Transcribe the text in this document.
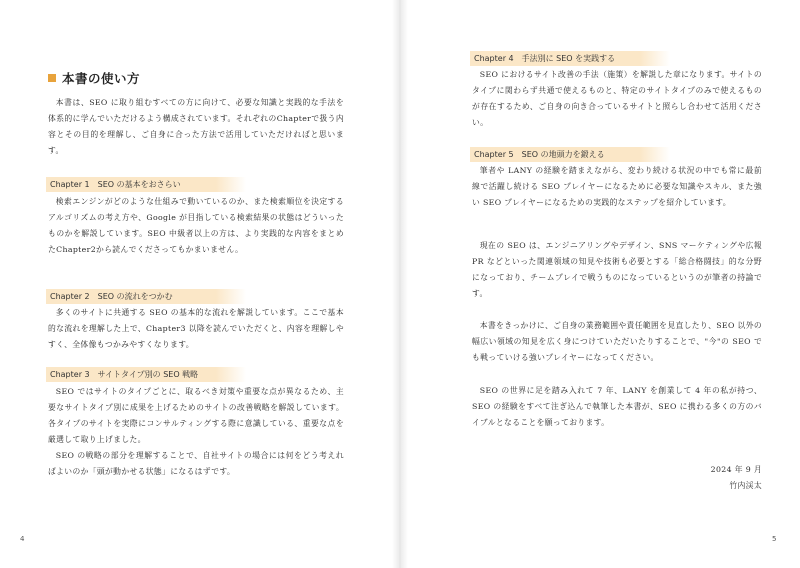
本書の使い方

本書は、SEO に取り組むすべての方に向けて、必要な知識と実践的な手法を体系的に学んでいただけるよう構成されています。それぞれのChapterで扱う内容とその目的を理解し、ご自身に合った方法で活用していただければと思います。

Chapter 1　SEO の基本をおさらい

検索エンジンがどのような仕組みで動いているのか、また検索順位を決定するアルゴリズムの考え方や、Google が目指している検索結果の状態はどういったものかを解説しています。SEO 中級者以上の方は、より実践的な内容をまとめたChapter2から読んでくださってもかまいません。

Chapter 2　SEO の流れをつかむ

多くのサイトに共通する SEO の基本的な流れを解説しています。ここで基本的な流れを理解した上で、Chapter3 以降を読んでいただくと、内容を理解しやすく、全体像もつかみやすくなります。

Chapter 3　サイトタイプ別の SEO 戦略

SEO ではサイトのタイプごとに、取るべき対策や重要な点が異なるため、主要なサイトタイプ別に成果を上げるためのサイトの改善戦略を解説しています。各タイプのサイトを実際にコンサルティングする際に意識している、重要な点を厳選して取り上げました。

SEO の戦略の部分を理解することで、自社サイトの場合には何をどう考えればよいのか「頭が動かせる状態」になるはずです。

4
Chapter 4　手法別に SEO を実践する

SEO におけるサイト改善の手法（施策）を解説した章になります。サイトのタイプに関わらず共通で使えるものと、特定のサイトタイプのみで使えるものが存在するため、ご自身の向き合っているサイトと照らし合わせて活用ください。

Chapter 5　SEO の地頭力を鍛える

筆者や LANY の経験を踏まえながら、変わり続ける状況の中でも常に最前線で活躍し続ける SEO プレイヤーになるために必要な知識やスキル、また強い SEO プレイヤーになるための実践的なステップを紹介しています。

現在の SEO は、エンジニアリングやデザイン、SNS マーケティングや広報 PR などといった関連領域の知見や技術も必要とする「総合格闘技」的な分野になっており、チームプレイで戦うものになっているというのが筆者の持論です。

本書をきっかけに、ご自身の業務範囲や責任範囲を見直したり、SEO 以外の幅広い領域の知見を広く身につけていただいたりすることで、"今"の SEO でも戦っていける強いプレイヤーになってください。

SEO の世界に足を踏み入れて 7 年、LANY を創業して 4 年の私が持つ、SEO の経験をすべて注ぎ込んで執筆した本書が、SEO に携わる多くの方のバイブルとなることを願っております。

2024 年 9 月
竹内渓太
5
